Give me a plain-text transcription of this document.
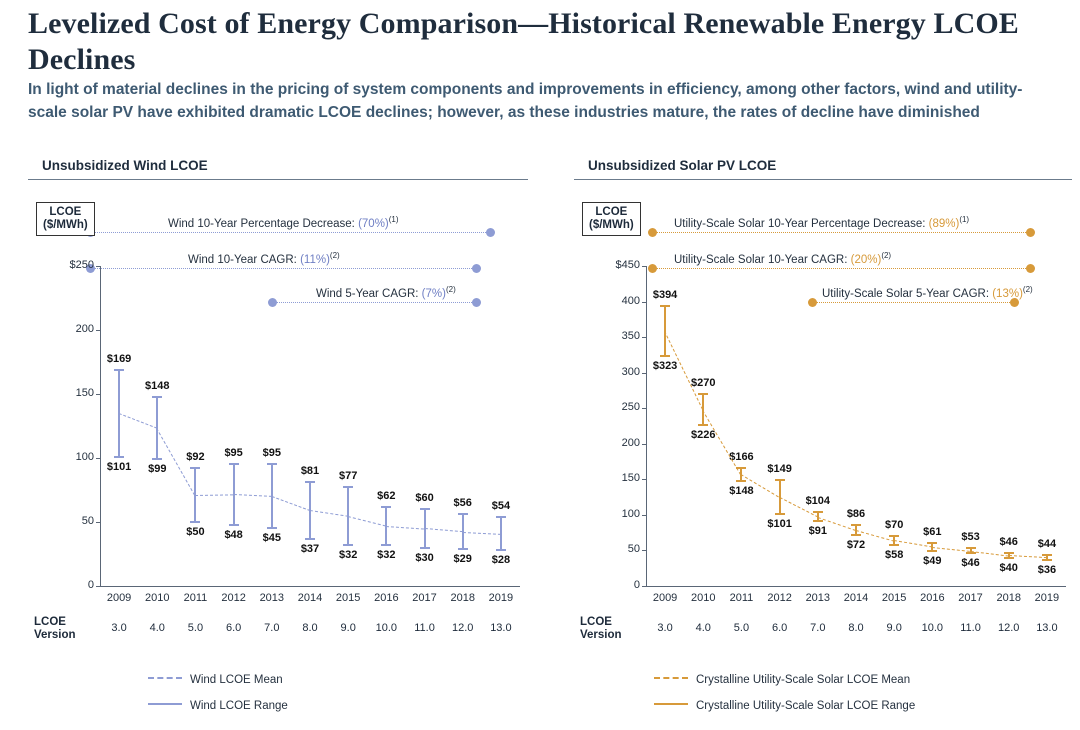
Levelized Cost of Energy Comparison—Historical Renewable Energy LCOE Declines
In light of material declines in the pricing of system components and improvements in efficiency, among other factors, wind and utility-scale solar PV have exhibited dramatic LCOE declines; however, as these industries mature, the rates of decline have diminished
Unsubsidized Wind LCOE
LCOE
($/MWh)	Wind 10-Year Percentage Decrease: $(70\%)^{(1)}$
Wind 10-Year CAGR: $(11\%)^{(2)}$
Wind 5-Year CAGR: $(7\%)^{(2)}$
$250
200
150
100
50
0
$169
$101
2009
$148
$99
2010
$92
$50
2011
$95
$48
2012
$95
$45
2013
$81
$37
2014
$77
$32
2015
$62
$32
2016
$60
$30
2017
$56
$29
2018
$54
$28
2019
LCOE
Version
3.0	4.0	5.0	6.0	7.0	8.0	9.0	10.0	11.0	12.0	13.0
Wind LCOE Mean
Wind LCOE Range
Unsubsidized Solar PV LCOE
LCOE
($/MWh)	Utility-Scale Solar 10-Year Percentage Decrease: $(89\%)^{(1)}$
Utility-Scale Solar 10-Year CAGR: $(20\%)^{(2)}$
Utility-Scale Solar 5-Year CAGR: $(13\%)^{(2)}$
$450
400
350
300
250
200
150
100
50
0
$394
$323
2009
$270
$226
2010
$166
$148
2011
$149
$101
2012
$104
$91
2013
$86
$72
2014
$70
$58
2015
$61
$49
2016
$53
$46
2017
$46
$40
2018
$44
$36
2019
LCOE
Version
3.0	4.0	5.0	6.0	7.0	8.0	9.0	10.0	11.0	12.0	13.0
Crystalline Utility-Scale Solar LCOE Mean
Crystalline Utility-Scale Solar LCOE Range
